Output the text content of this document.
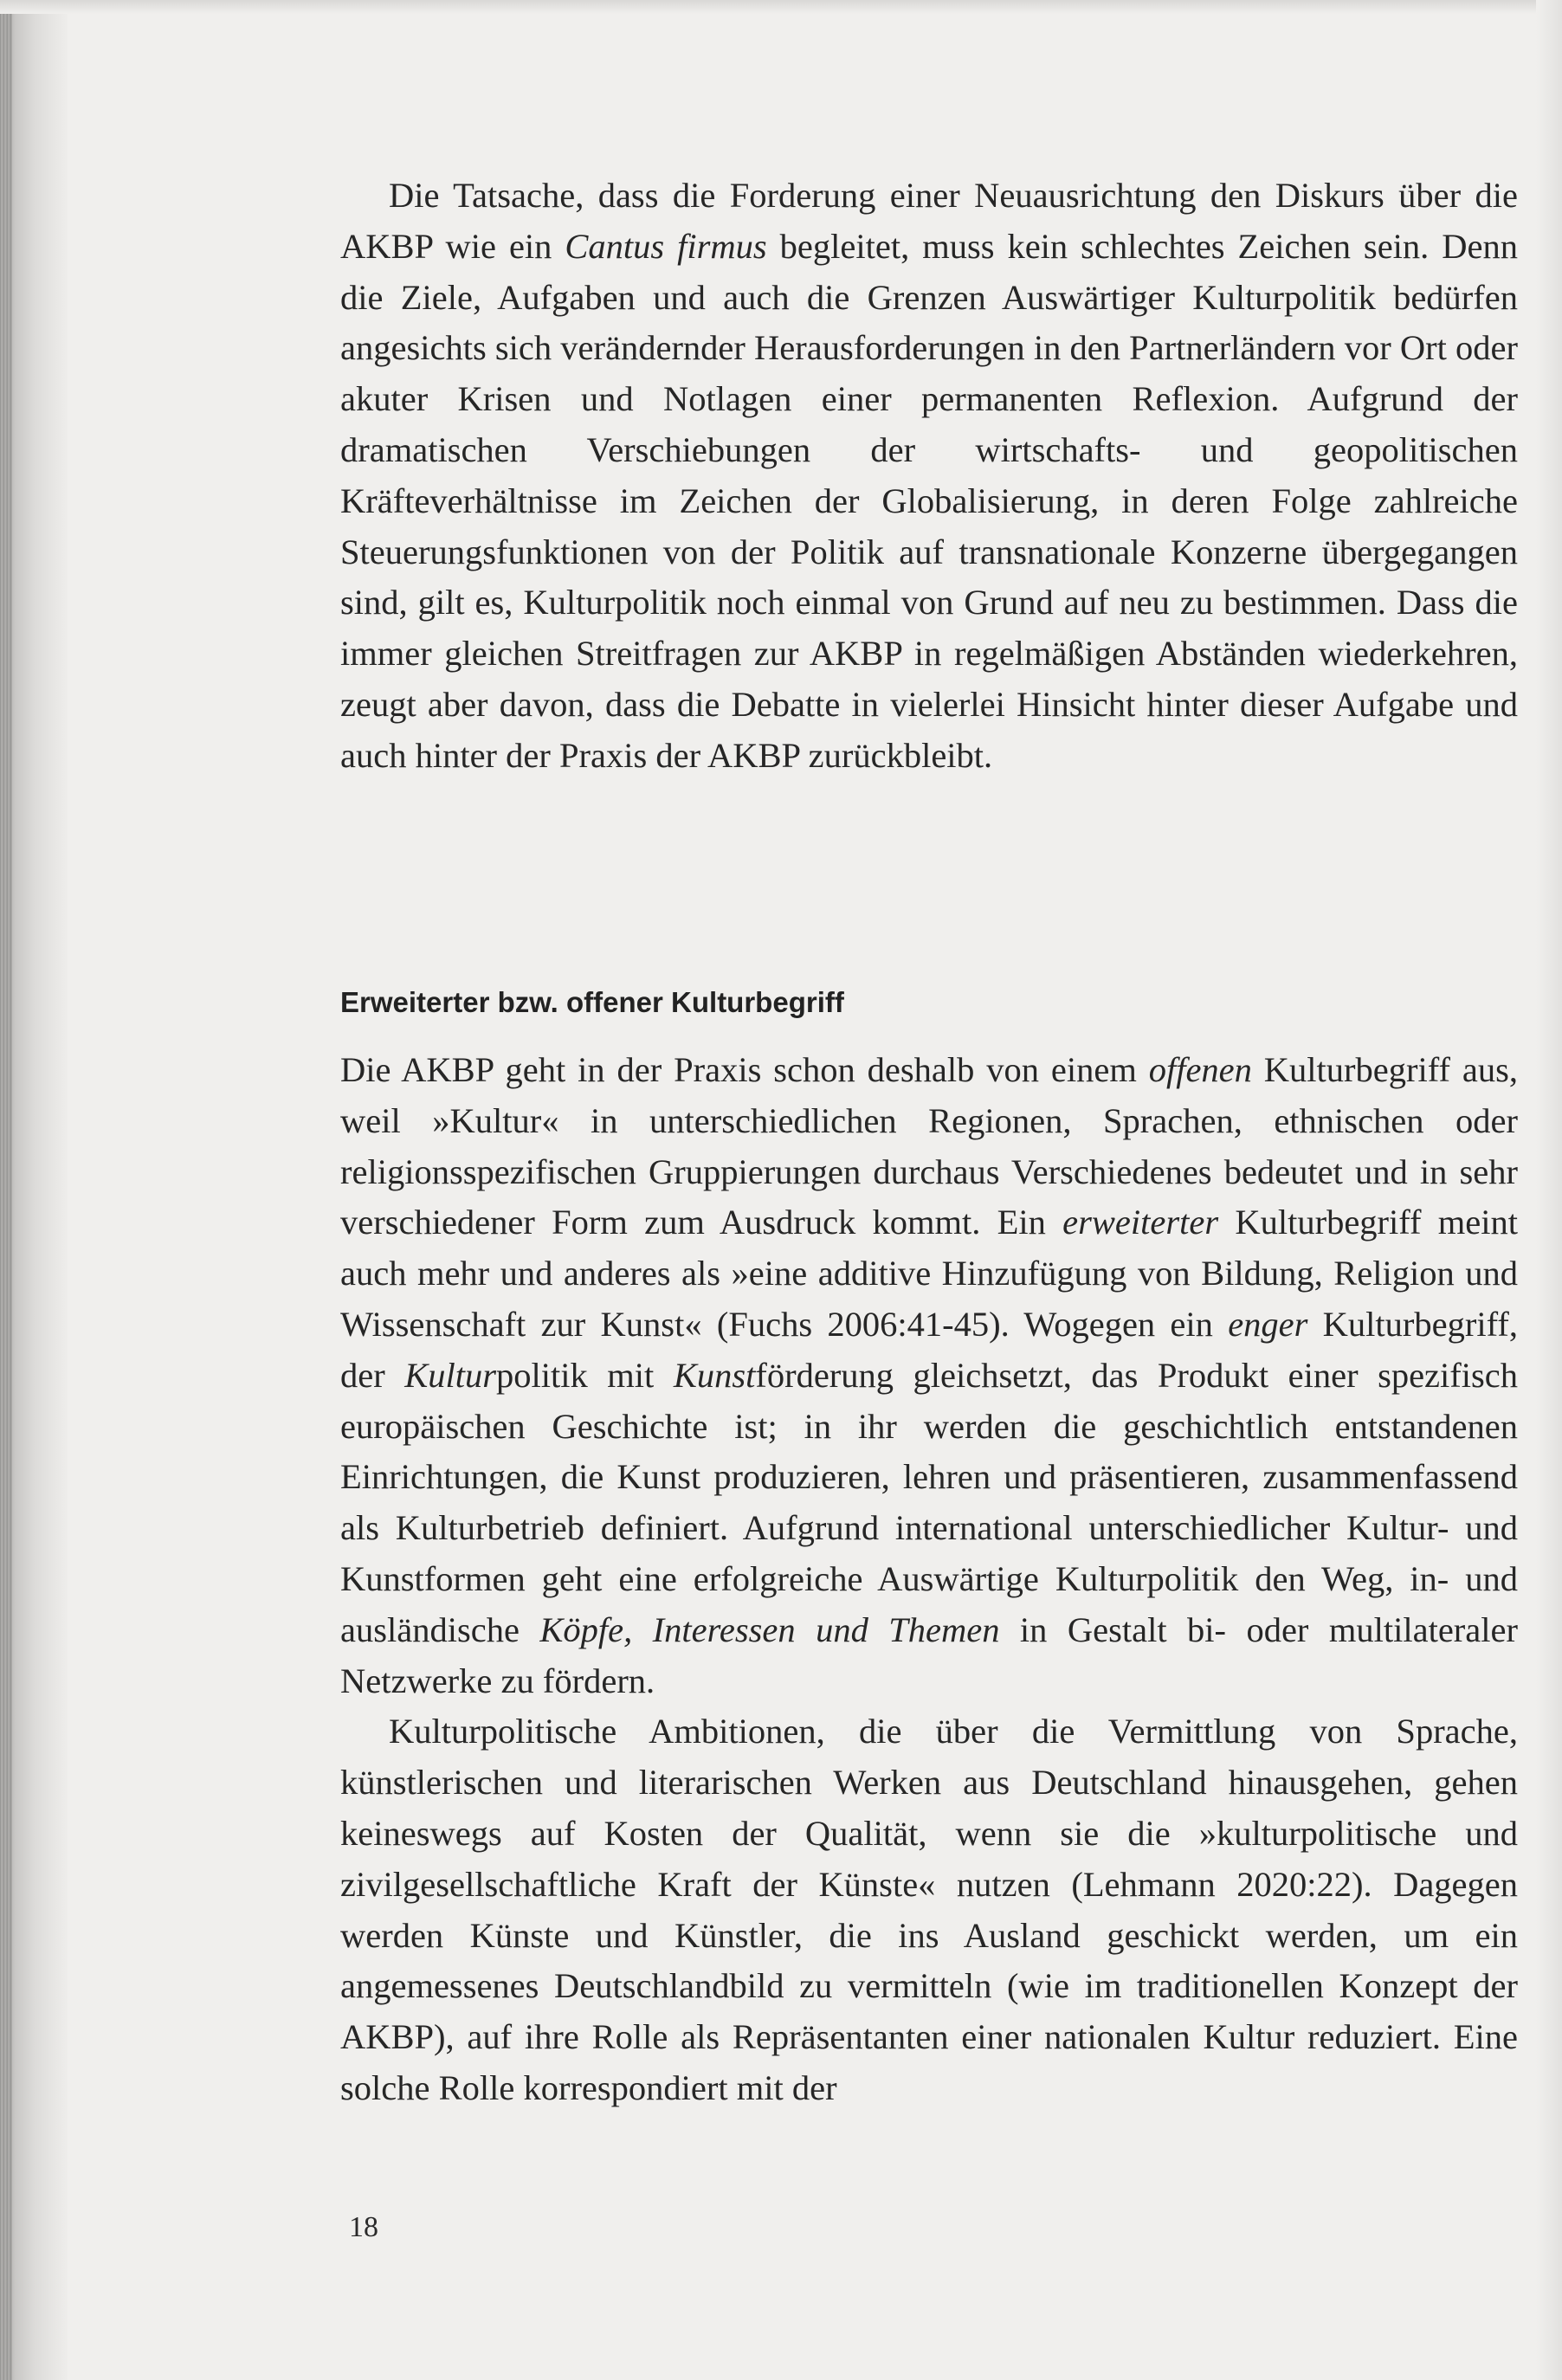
Die Tatsache, dass die Forderung einer Neuausrichtung den Diskurs über die AKBP wie ein Cantus firmus begleitet, muss kein schlechtes Zeichen sein. Denn die Ziele, Aufgaben und auch die Grenzen Auswärtiger Kulturpolitik bedürfen angesichts sich verändernder Herausforderungen in den Partnerländern vor Ort oder akuter Krisen und Notlagen einer permanenten Reflexion. Aufgrund der dramatischen Verschiebungen der wirtschafts- und geopolitischen Kräfteverhältnisse im Zeichen der Globalisierung, in deren Folge zahlreiche Steuerungsfunktionen von der Politik auf transnationale Konzerne übergegangen sind, gilt es, Kulturpolitik noch einmal von Grund auf neu zu bestimmen. Dass die immer gleichen Streitfragen zur AKBP in regelmäßigen Abständen wiederkehren, zeugt aber davon, dass die Debatte in vielerlei Hinsicht hinter dieser Aufgabe und auch hinter der Praxis der AKBP zurückbleibt.

Erweiterter bzw. offener Kulturbegriff

Die AKBP geht in der Praxis schon deshalb von einem offenen Kulturbegriff aus, weil »Kultur« in unterschiedlichen Regionen, Sprachen, ethnischen oder religionsspezifischen Gruppierungen durchaus Verschiedenes bedeutet und in sehr verschiedener Form zum Ausdruck kommt. Ein erweiterter Kulturbegriff meint auch mehr und anderes als »eine additive Hinzufügung von Bildung, Religion und Wissenschaft zur Kunst« (Fuchs 2006:41-45). Wogegen ein enger Kulturbegriff, der Kulturpolitik mit Kunstförderung gleichsetzt, das Produkt einer spezifisch europäischen Geschichte ist; in ihr werden die geschichtlich entstandenen Einrichtungen, die Kunst produzieren, lehren und präsentieren, zusammenfassend als Kulturbetrieb definiert. Aufgrund international unterschiedlicher Kultur- und Kunstformen geht eine erfolgreiche Auswärtige Kulturpolitik den Weg, in- und ausländische Köpfe, Interessen und Themen in Gestalt bi- oder multilateraler Netzwerke zu fördern.

Kulturpolitische Ambitionen, die über die Vermittlung von Sprache, künstlerischen und literarischen Werken aus Deutschland hinausgehen, gehen keineswegs auf Kosten der Qualität, wenn sie die »kulturpolitische und zivilgesellschaftliche Kraft der Künste« nutzen (Lehmann 2020:22). Dagegen werden Künste und Künstler, die ins Ausland geschickt werden, um ein angemessenes Deutschlandbild zu vermitteln (wie im traditionellen Konzept der AKBP), auf ihre Rolle als Repräsentanten einer nationalen Kultur reduziert. Eine solche Rolle korrespondiert mit der

18
